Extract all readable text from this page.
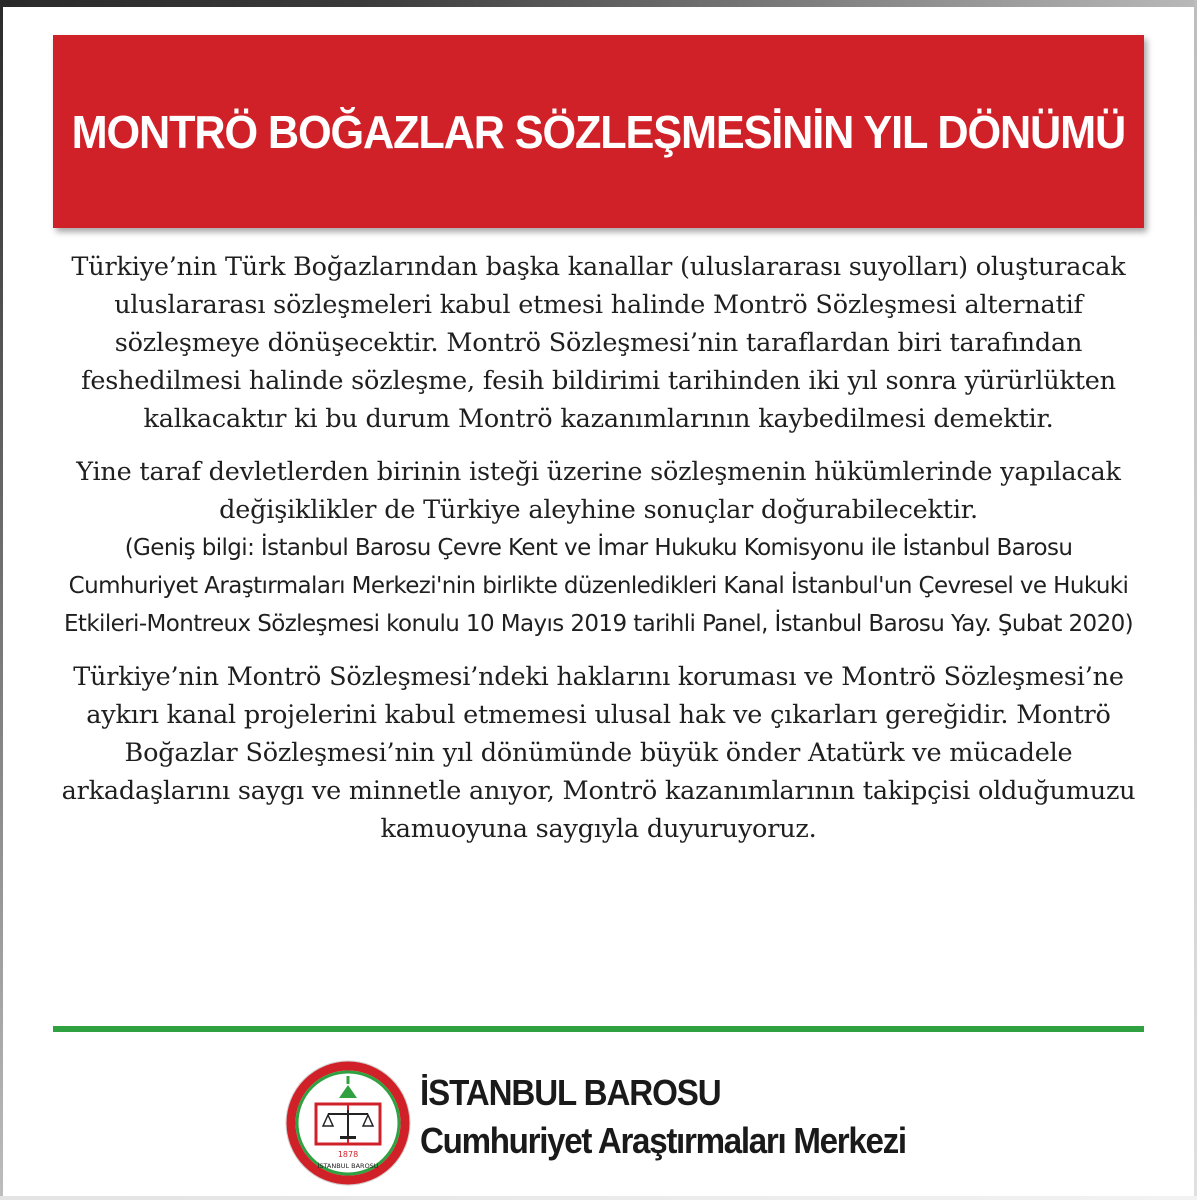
MONTRÖ BOĞAZLAR SÖZLEŞMESİNİN YIL DÖNÜMÜ

Türkiye’nin Türk Boğazlarından başka kanallar (uluslararası suyolları) oluşturacak uluslararası sözleşmeleri kabul etmesi halinde Montrö Sözleşmesi alternatif sözleşmeye dönüşecektir. Montrö Sözleşmesi’nin taraflardan biri tarafından feshedilmesi halinde sözleşme, fesih bildirimi tarihinden iki yıl sonra yürürlükten kalkacaktır ki bu durum Montrö kazanımlarının kaybedilmesi demektir.

Yine taraf devletlerden birinin isteği üzerine sözleşmenin hükümlerinde yapılacak değişiklikler de Türkiye aleyhine sonuçlar doğurabilecektir.

(Geniş bilgi: İstanbul Barosu Çevre Kent ve İmar Hukuku Komisyonu ile İstanbul Barosu Cumhuriyet Araştırmaları Merkezi'nin birlikte düzenledikleri Kanal İstanbul'un Çevresel ve Hukuki Etkileri-Montreux Sözleşmesi konulu 10 Mayıs 2019 tarihli Panel, İstanbul Barosu Yay. Şubat 2020)

Türkiye’nin Montrö Sözleşmesi’ndeki haklarını koruması ve Montrö Sözleşmesi’ne aykırı kanal projelerini kabul etmemesi ulusal hak ve çıkarları gereğidir. Montrö Boğazlar Sözleşmesi’nin yıl dönümünde büyük önder Atatürk ve mücadele arkadaşlarını saygı ve minnetle anıyor, Montrö kazanımlarının takipçisi olduğumuzu kamuoyuna saygıyla duyuruyoruz.

1878
İSTANBUL BAROSU
İSTANBUL BAROSU
Cumhuriyet Araştırmaları Merkezi
